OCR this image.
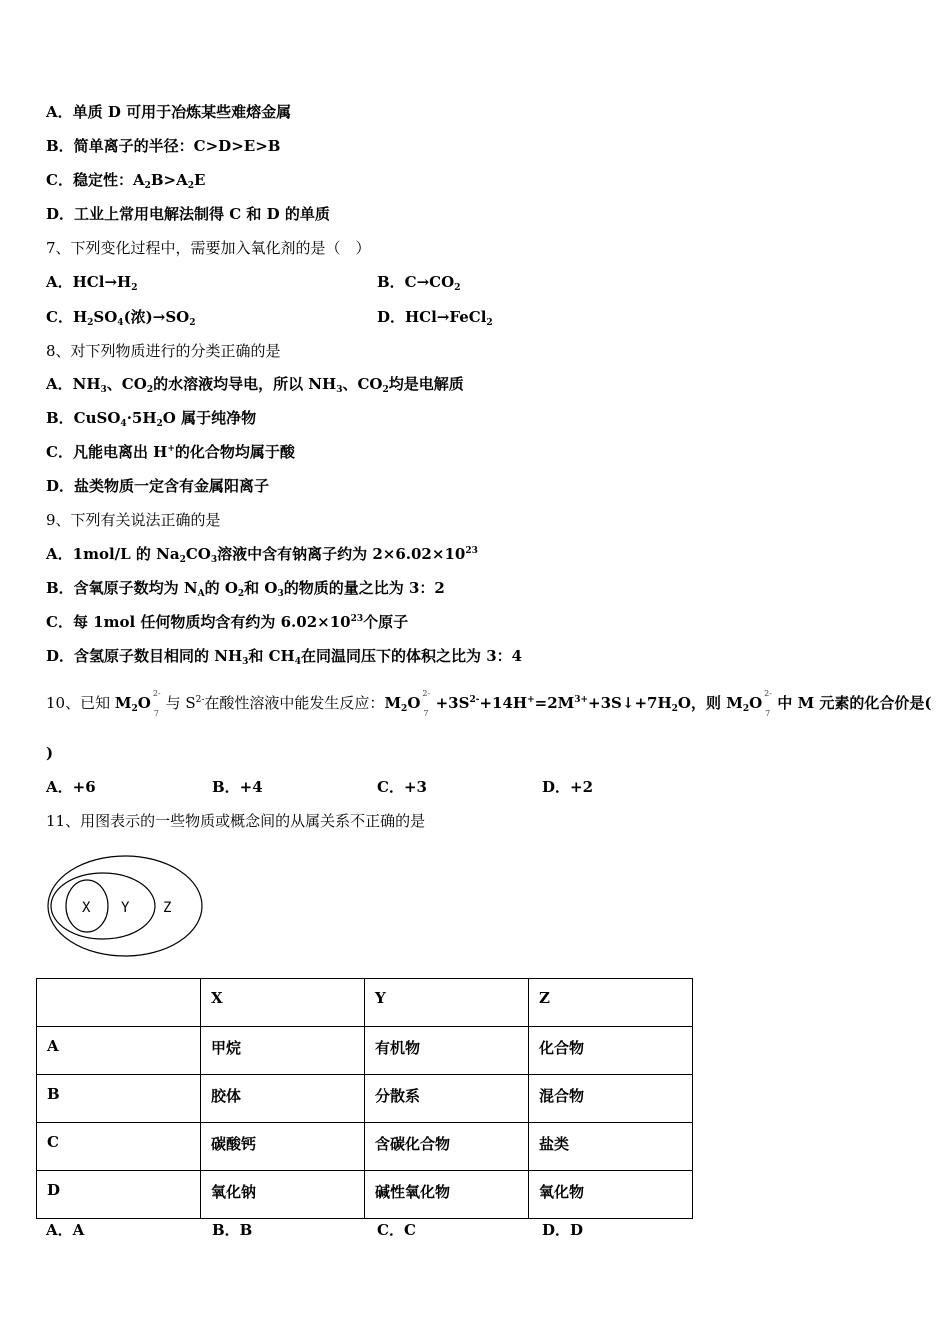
A．单质 D 可用于冶炼某些难熔金属
B．简单离子的半径：C>D>E>B
C．稳定性：$A_2B>A_2E$
D．工业上常用电解法制得 C 和 D 的单质
7、下列变化过程中，需要加入氧化剂的是（　）
A．$HCl\to H_2$	B．$C\to CO_2$
C．$H_2SO_4$(浓)$\to SO_2$	D．HCl→FeCl$_2$
8、对下列物质进行的分类正确的是
A．$NH_3$、$CO_2$的水溶液均导电，所以 $NH_3$、$CO_2$均是电解质
B．$CuSO_4\cdot 5H_2O$ 属于纯净物
C．凡能电离出 H+的化合物均属于酸
D．盐类物质一定含有金属阳离子
9、下列有关说法正确的是
A．1mol/L 的 $Na_2CO_3$溶液中含有钠离子约为 $2\times 6.02\times 10^{23}$
B．含氧原子数均为 $N_A$的 $O_2$和 $O_3$的物质的量之比为 3：2
C．每 1mol 任何物质均含有约为 $6.02\times 10^{23}$个原子
D．含氢原子数目相同的 $NH_3$和 $CH_4$在同温同压下的体积之比为 3：4
10、已知 $M_2O$
2-
7
与 $S^{2-}$在酸性溶液中能发生反应：$M_2O$
2-
7
$+3S^{2-}+14H^+=2M^{3+}+3S↓+7H_2O$，则 $M_2O$
2-
7
中 M 元素的化合价是(
)
A．+6	B．+4	C．+3	D．+2
11、用图表示的一些物质或概念间的从属关系不正确的是
X Y Z
	X	Y	Z
A	甲烷	有机物	化合物
B	胶体	分散系	混合物
C	碳酸钙	含碳化合物	盐类
D	氧化钠	碱性氧化物	氧化物
A．A	B．B	C．C	D．D
